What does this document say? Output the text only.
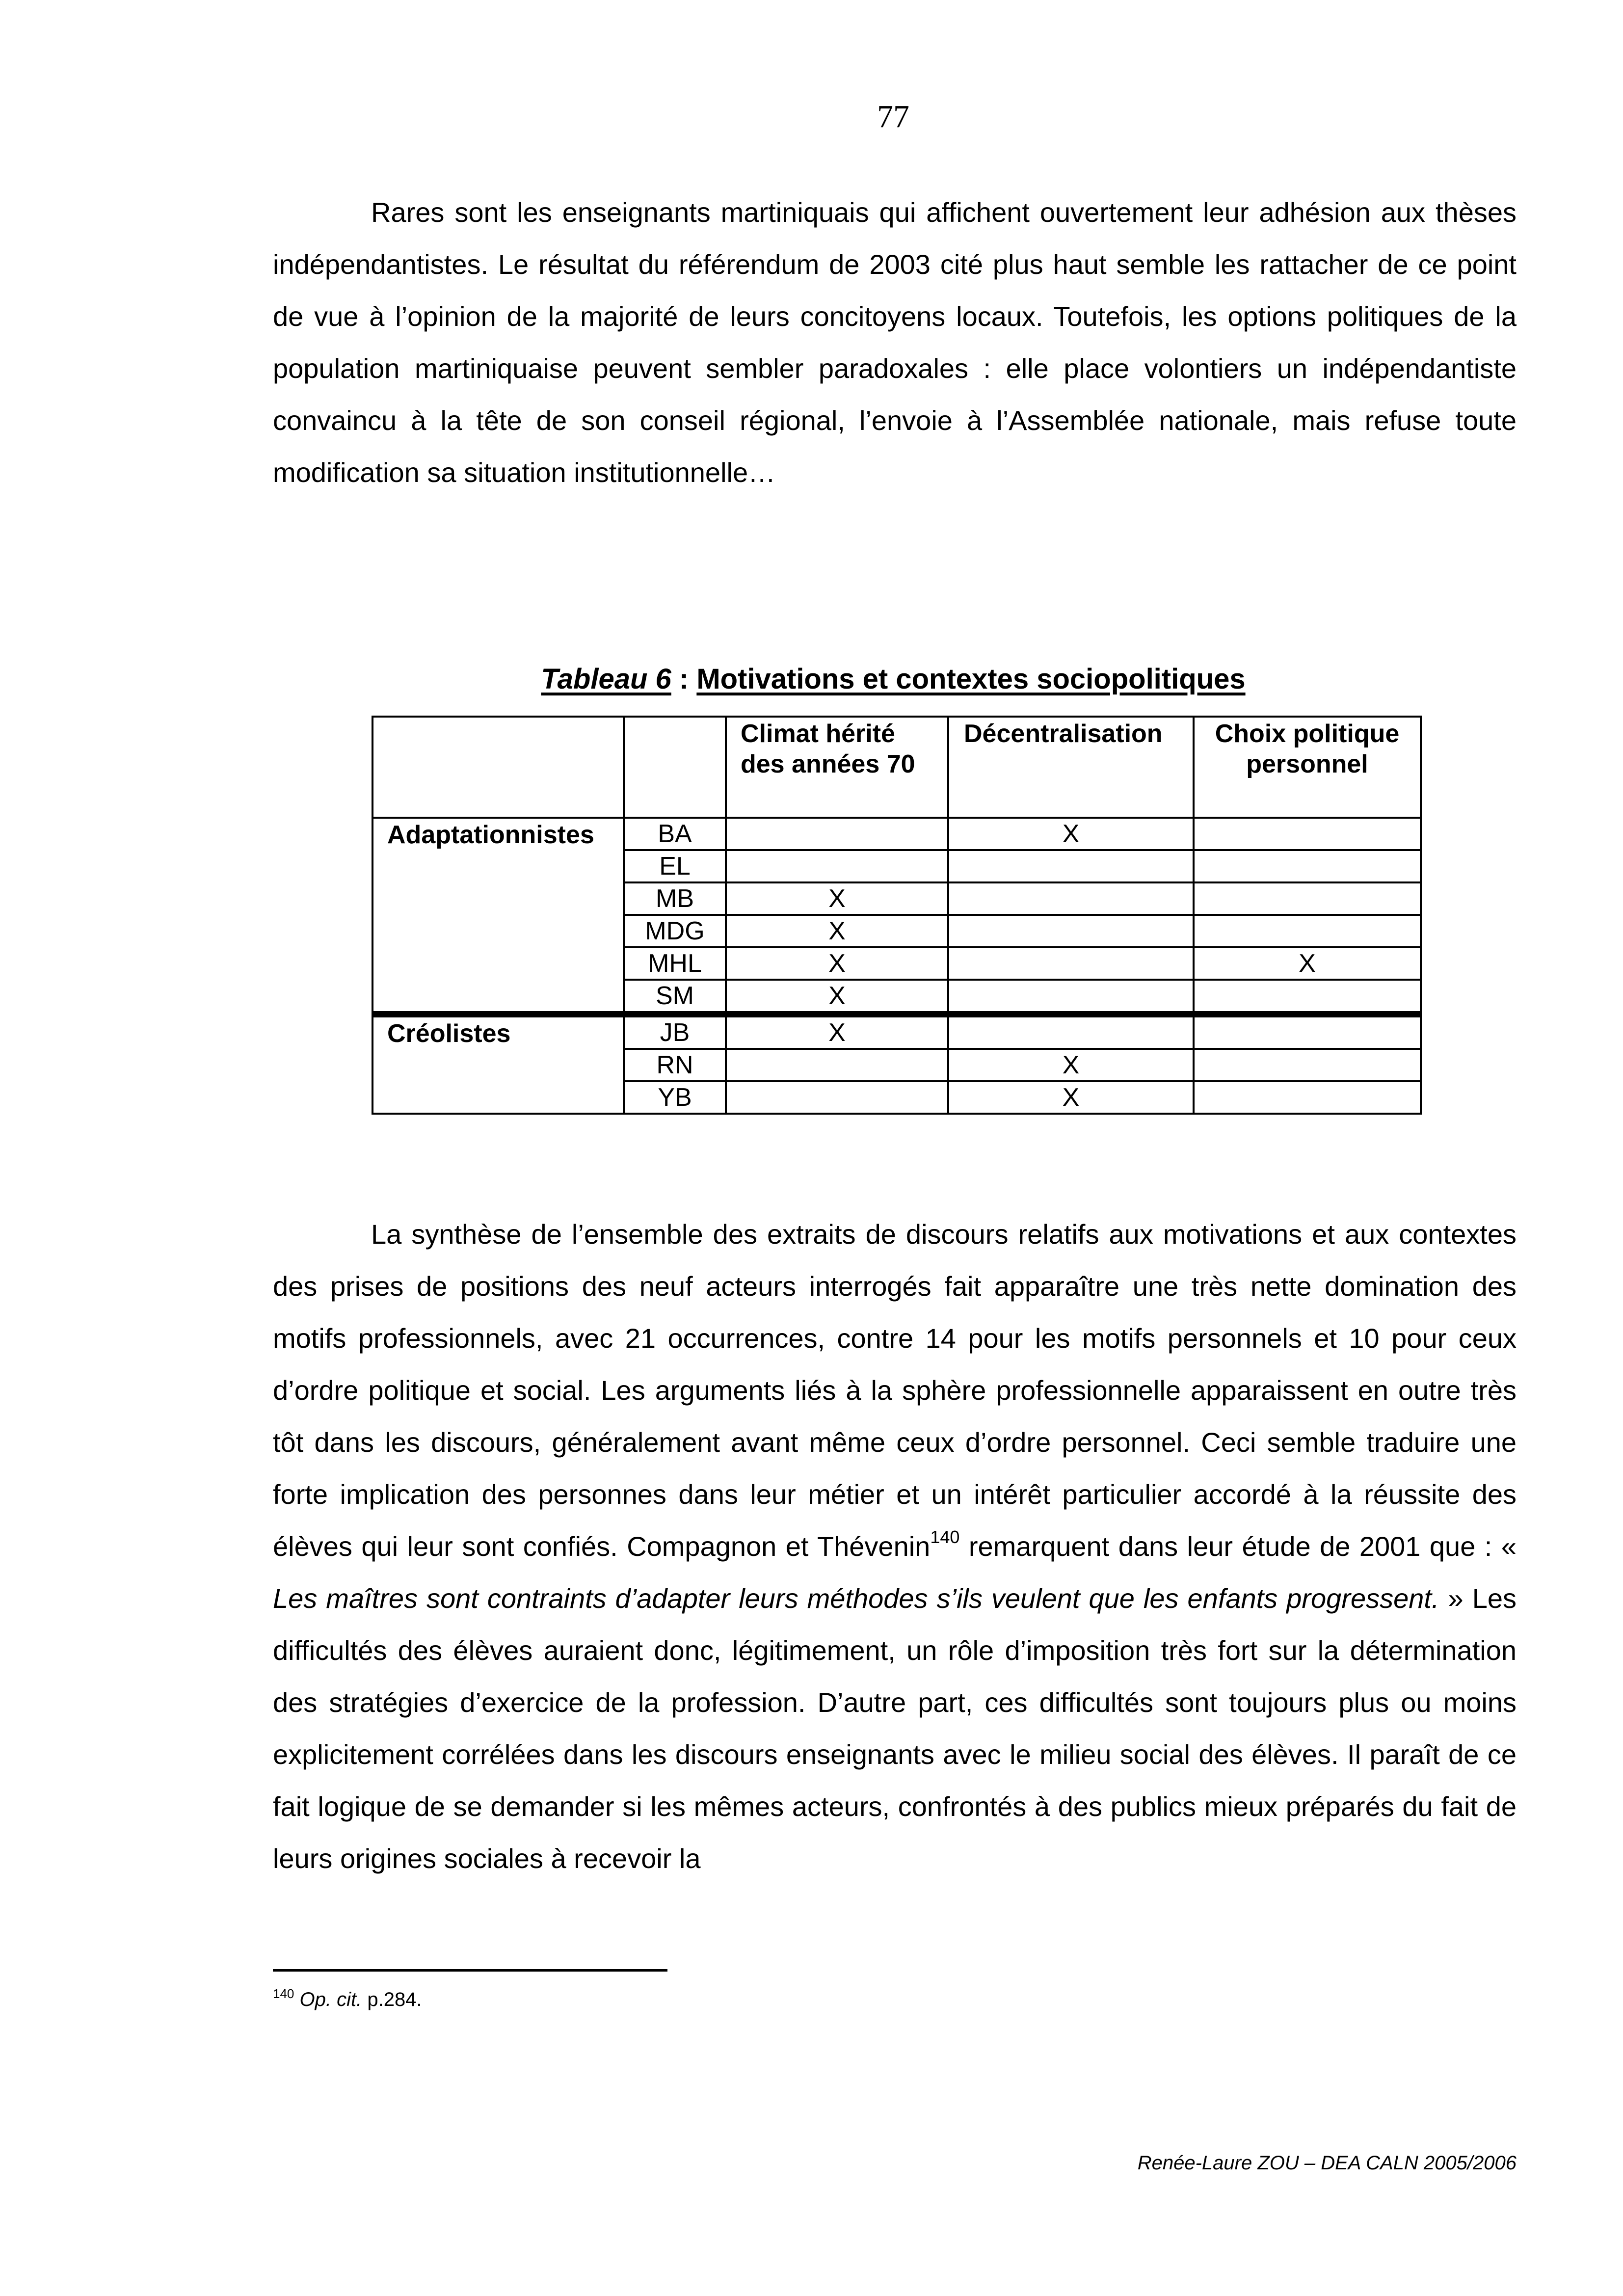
77

Rares sont les enseignants martiniquais qui affichent ouvertement leur adhésion aux thèses indépendantistes. Le résultat du référendum de 2003 cité plus haut semble les rattacher de ce point de vue à l’opinion de la majorité de leurs concitoyens locaux. Toutefois, les options politiques de la population martiniquaise peuvent sembler paradoxales : elle place volontiers un indépendantiste convaincu à la tête de son conseil régional, l’envoie à l’Assemblée nationale, mais refuse toute modification sa situation institutionnelle…

Tableau 6 : Motivations et contextes sociopolitiques
		Climat hérité des années 70	Décentralisation	Choix politique personnel
Adaptationnistes	BA		X	
	EL			
	MB	X		
	MDG	X		
	MHL	X		X
	SM	X		
Créolistes	JB	X		
	RN		X	
	YB		X	

La synthèse de l’ensemble des extraits de discours relatifs aux motivations et aux contextes des prises de positions des neuf acteurs interrogés fait apparaître une très nette domination des motifs professionnels, avec 21 occurrences, contre 14 pour les motifs personnels et 10 pour ceux d’ordre politique et social. Les arguments liés à la sphère professionnelle apparaissent en outre très tôt dans les discours, généralement avant même ceux d’ordre personnel. Ceci semble traduire une forte implication des personnes dans leur métier et un intérêt particulier accordé à la réussite des élèves qui leur sont confiés. Compagnon et Thévenin$^{140}$ remarquent dans leur étude de 2001 que : « Les maîtres sont contraints d’adapter leurs méthodes s’ils veulent que les enfants progressent. » Les difficultés des élèves auraient donc, légitimement, un rôle d’imposition très fort sur la détermination des stratégies d’exercice de la profession. D’autre part, ces difficultés sont toujours plus ou moins explicitement corrélées dans les discours enseignants avec le milieu social des élèves. Il paraît de ce fait logique de se demander si les mêmes acteurs, confrontés à des publics mieux préparés du fait de leurs origines sociales à recevoir la

$^{140}$ Op. cit. p.284.
Renée-Laure ZOU – DEA CALN 2005/2006
